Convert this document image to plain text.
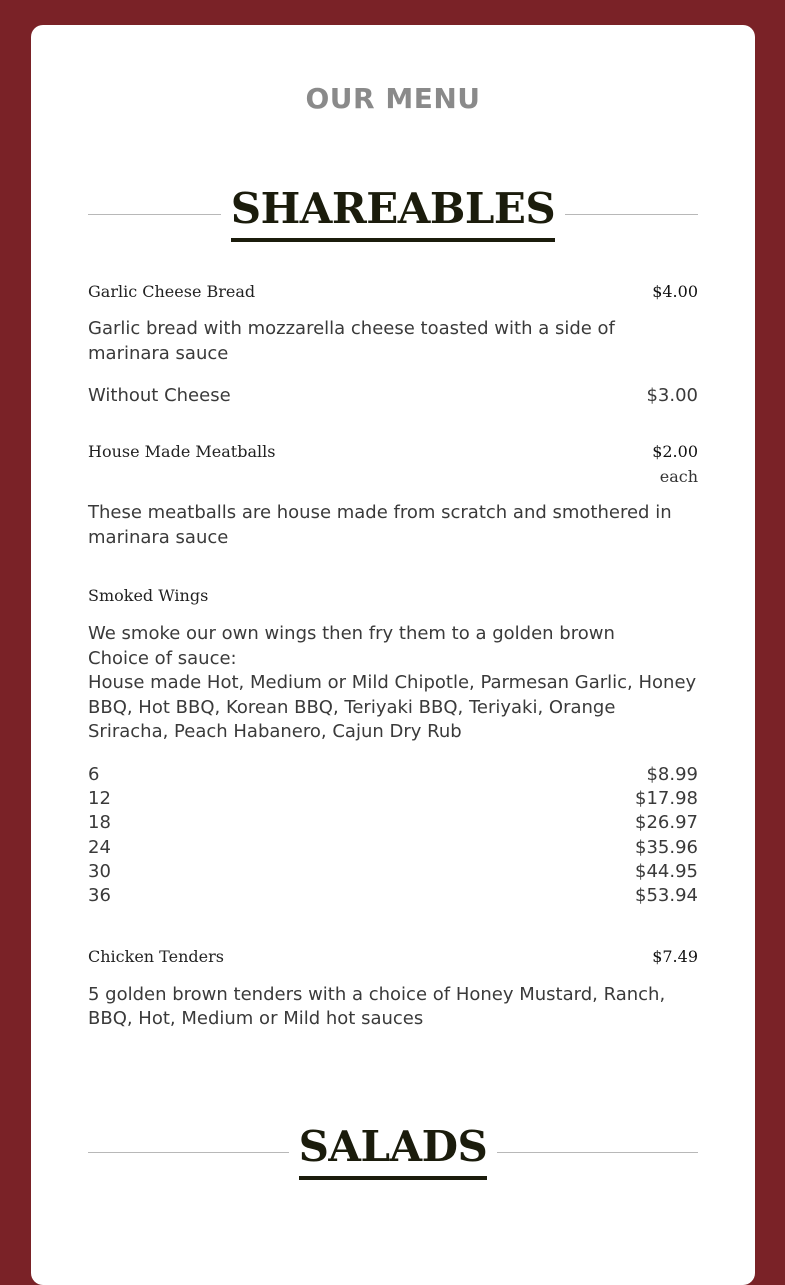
OUR MENU
SHAREABLES
Garlic Cheese Bread	$4.00

Garlic bread with mozzarella cheese toasted with a side of marinara sauce

Without Cheese	$3.00
House Made Meatballs	$2.00
each

These meatballs are house made from scratch and smothered in marinara sauce

Smoked Wings

We smoke our own wings then fry them to a golden brown

Choice of sauce:

House made Hot, Medium or Mild Chipotle, Parmesan Garlic, Honey BBQ, Hot BBQ, Korean BBQ, Teriyaki BBQ, Teriyaki, Orange Sriracha, Peach Habanero, Cajun Dry Rub

6	$8.99
12	$17.98
18	$26.97
24	$35.96
30	$44.95
36	$53.94
Chicken Tenders	$7.49

5 golden brown tenders with a choice of Honey Mustard, Ranch, BBQ, Hot, Medium or Mild hot sauces

SALADS
